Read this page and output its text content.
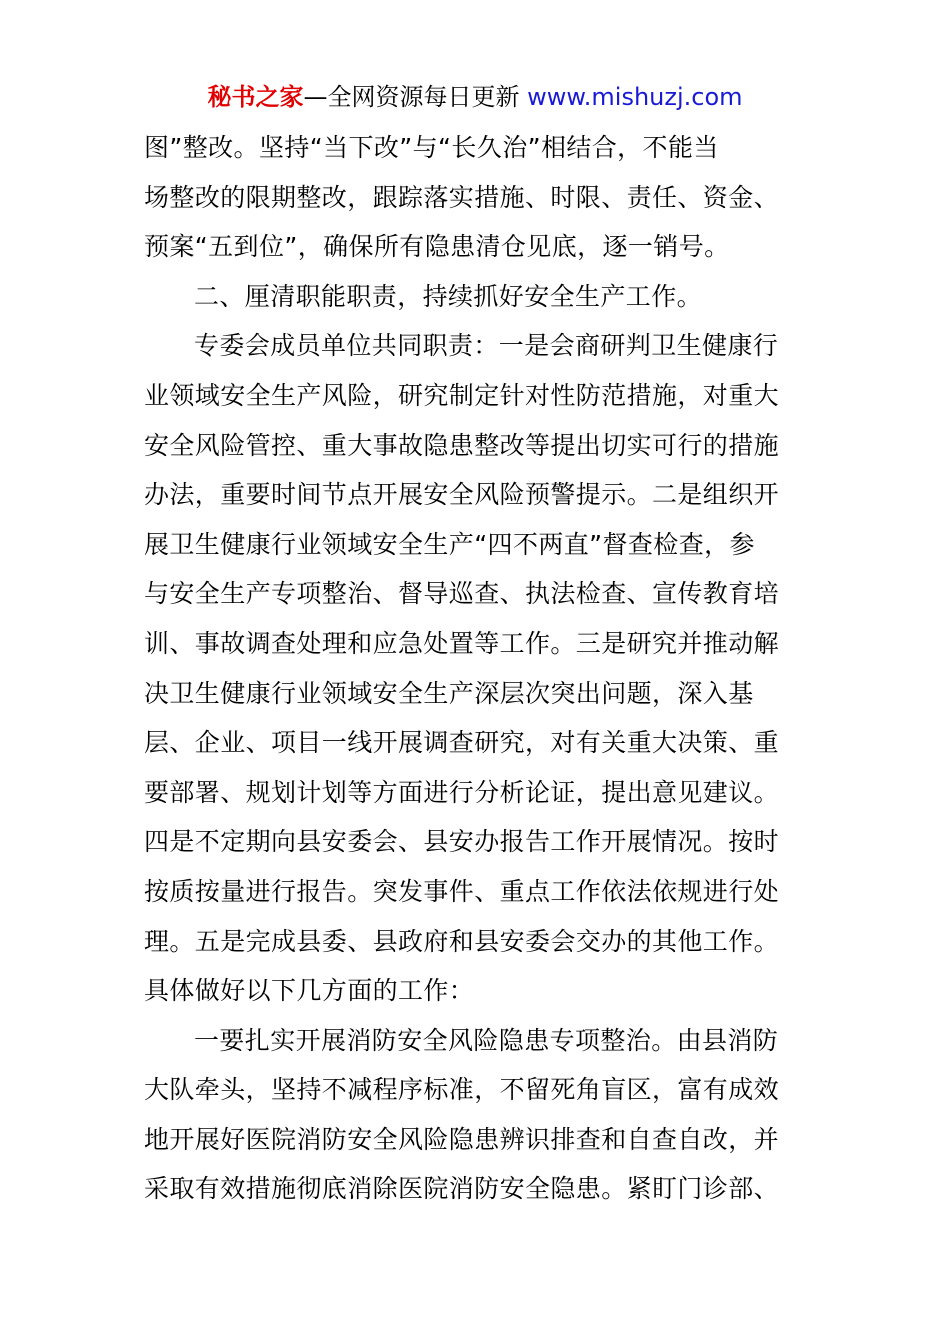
秘书之家—全网资源每日更新 www.mishuzj.com
图”整改。坚持“当下改”与“长久治”相结合，不能当
场整改的限期整改，跟踪落实措施、时限、责任、资金、
预案“五到位”，确保所有隐患清仓见底，逐一销号。
二、厘清职能职责，持续抓好安全生产工作。
专委会成员单位共同职责：一是会商研判卫生健康行
业领域安全生产风险，研究制定针对性防范措施，对重大
安全风险管控、重大事故隐患整改等提出切实可行的措施
办法，重要时间节点开展安全风险预警提示。二是组织开
展卫生健康行业领域安全生产“四不两直”督查检查，参
与安全生产专项整治、督导巡查、执法检查、宣传教育培
训、事故调查处理和应急处置等工作。三是研究并推动解
决卫生健康行业领域安全生产深层次突出问题，深入基
层、企业、项目一线开展调查研究，对有关重大决策、重
要部署、规划计划等方面进行分析论证，提出意见建议。
四是不定期向县安委会、县安办报告工作开展情况。按时
按质按量进行报告。突发事件、重点工作依法依规进行处
理。五是完成县委、县政府和县安委会交办的其他工作。
具体做好以下几方面的工作：
一要扎实开展消防安全风险隐患专项整治。由县消防
大队牵头，坚持不减程序标准，不留死角盲区，富有成效
地开展好医院消防安全风险隐患辨识排查和自查自改，并
采取有效措施彻底消除医院消防安全隐患。紧盯门诊部、
